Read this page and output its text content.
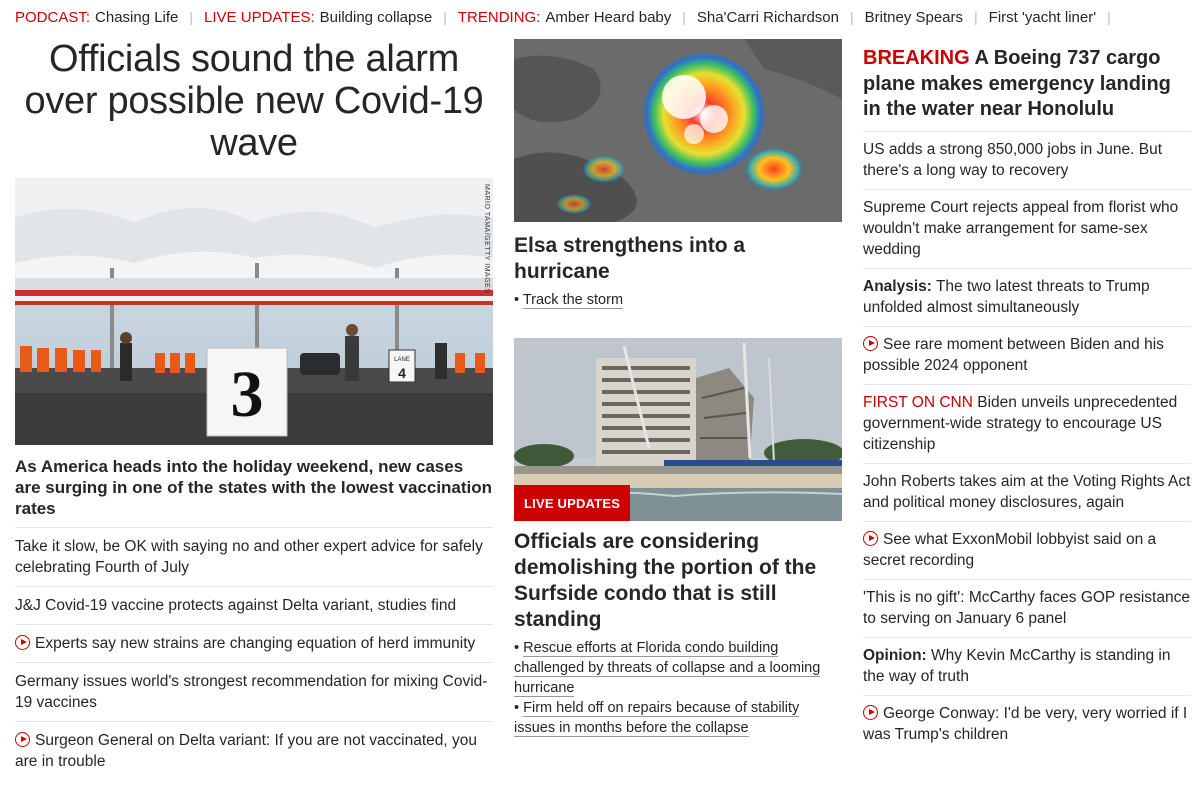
PODCAST: Chasing Life | LIVE UPDATES: Building collapse | TRENDING: Amber Heard baby | Sha'Carri Richardson | Britney Spears | First 'yacht liner' |
Officials sound the alarm over possible new Covid-19 wave
3	LANE
4
MARIO TAMA/GETTY IMAGES
As America heads into the holiday weekend, new cases are surging in one of the states with the lowest vaccination rates
Take it slow, be OK with saying no and other expert advice for safely celebrating Fourth of July
J&J Covid-19 vaccine protects against Delta variant, studies find
Experts say new strains are changing equation of herd immunity
Germany issues world's strongest recommendation for mixing Covid-19 vaccines
Surgeon General on Delta variant: If you are not vaccinated, you are in trouble
Elsa strengthens into a hurricane
• Track the storm
LIVE UPDATES
Officials are considering demolishing the portion of the Surfside condo that is still standing
• Rescue efforts at Florida condo building challenged by threats of collapse and a looming hurricane
• Firm held off on repairs because of stability issues in months before the collapse
BREAKING A Boeing 737 cargo plane makes emergency landing in the water near Honolulu
US adds a strong 850,000 jobs in June. But there's a long way to recovery
Supreme Court rejects appeal from florist who wouldn't make arrangement for same-sex wedding
Analysis: The two latest threats to Trump unfolded almost simultaneously
See rare moment between Biden and his possible 2024 opponent
FIRST ON CNN Biden unveils unprecedented government-wide strategy to encourage US citizenship
John Roberts takes aim at the Voting Rights Act and political money disclosures, again
See what ExxonMobil lobbyist said on a secret recording
'This is no gift': McCarthy faces GOP resistance to serving on January 6 panel
Opinion: Why Kevin McCarthy is standing in the way of truth
George Conway: I'd be very, very worried if I was Trump's children
